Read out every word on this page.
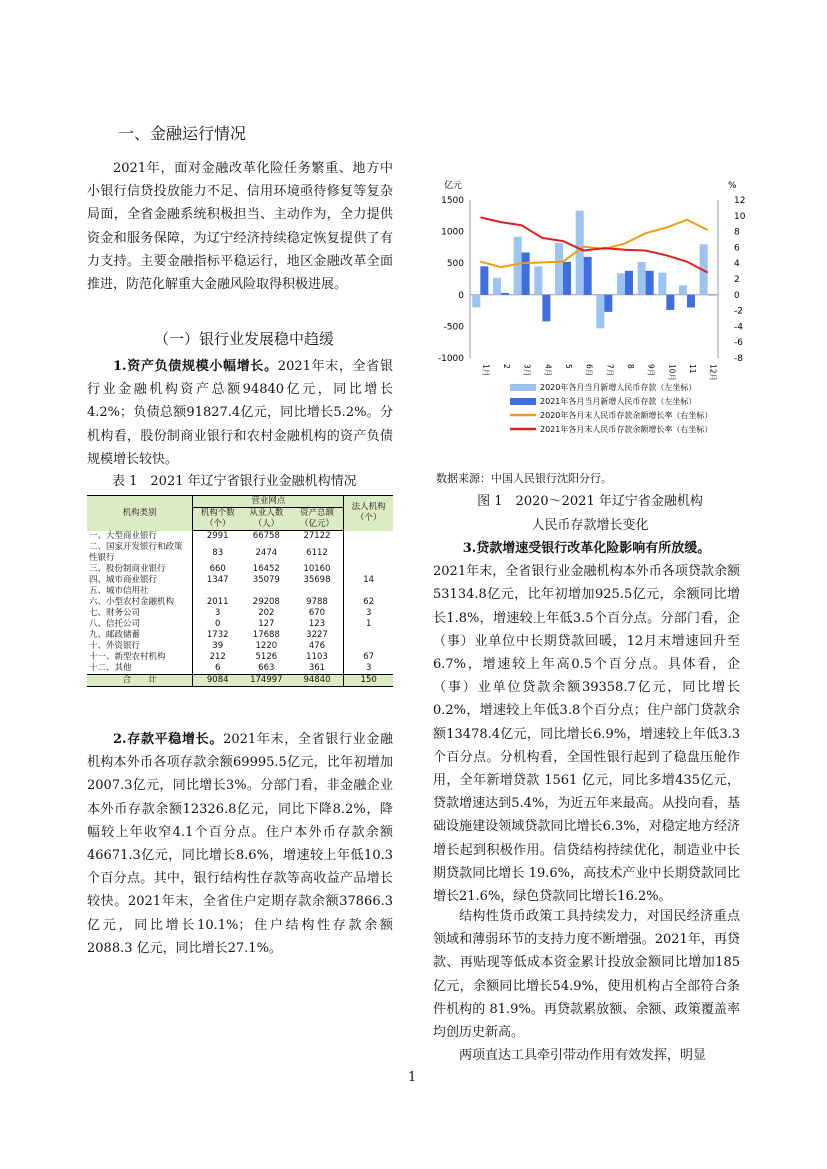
一、金融运行情况

2021年，面对金融改革化险任务繁重、地方中小银行信贷投放能力不足、信用环境亟待修复等复杂局面，全省金融系统积极担当、主动作为，全力提供资金和服务保障，为辽宁经济持续稳定恢复提供了有力支持。主要金融指标平稳运行，地区金融改革全面推进，防范化解重大金融风险取得积极进展。

（一）银行业发展稳中趋缓

1.资产负债规模小幅增长。2021年末，全省银行业金融机构资产总额94840亿元，同比增长4.2%；负债总额91827.4亿元，同比增长5.2%。分机构看，股份制商业银行和农村金融机构的资产负债规模增长较快。

表 1　2021 年辽宁省银行业金融机构情况
机构类别	营业网点			法人机构（个）
	机构个数（个）	从业人数（人）	资产总额（亿元）	
一、大型商业银行	2991	66758	27122	
二、国家开发银行和政策性银行	83	2474	6112	
三、股份制商业银行	660	16452	10160	
四、城市商业银行	1347	35079	35698	14
五、城市信用社				
六、小型农村金融机构	2011	29208	9788	62
七、财务公司	3	202	670	3
八、信托公司	0	127	123	1
九、邮政储蓄	1732	17688	3227	
十、外资银行	39	1220	476	
十一、新型农村机构	212	5126	1103	67
十二、其他	6	663	361	3
合　　计	9084	174997	94840	150

2.存款平稳增长。2021年末，全省银行业金融机构本外币各项存款余额69995.5亿元，比年初增加2007.3亿元，同比增长3%。分部门看，非金融企业本外币存款余额12326.8亿元，同比下降8.2%，降幅较上年收窄4.1个百分点。住户本外币存款余额46671.3亿元，同比增长8.6%，增速较上年低10.3个百分点。其中，银行结构性存款等高收益产品增长较快。2021年末，全省住户定期存款余额37866.3亿元，同比增长10.1%；住户结构性存款余额 2088.3 亿元，同比增长27.1%。

亿元	%
1500
1000
500
0
-500
-1000
12
10
8
6
4
2
0
-2
-4
-6
-8
1月 2 3月 4月 5 6月 7月 8 9月 10月 11 12月
2020年各月当月新增人民币存款（左坐标）
2021年各月当月新增人民币存款（左坐标）
2020年各月末人民币存款余额增长率（右坐标）
2021年各月末人民币存款余额增长率（右坐标）
数据来源：中国人民银行沈阳分行。
图 1　2020～2021 年辽宁省金融机构
人民币存款增长变化

3.贷款增速受银行改革化险影响有所放缓。

2021年末，全省银行业金融机构本外币各项贷款余额53134.8亿元，比年初增加925.5亿元，余额同比增长1.8%，增速较上年低3.5个百分点。分部门看，企（事）业单位中长期贷款回暖，12月末增速回升至6.7%，增速较上年高0.5个百分点。具体看，企（事）业单位贷款余额39358.7亿元，同比增长0.2%，增速较上年低3.8个百分点；住户部门贷款余额13478.4亿元，同比增长6.9%，增速较上年低3.3个百分点。分机构看，全国性银行起到了稳盘压舱作用，全年新增贷款 1561 亿元，同比多增435亿元，贷款增速达到5.4%，为近五年来最高。从投向看，基础设施建设领域贷款同比增长6.3%，对稳定地方经济增长起到积极作用。信贷结构持续优化，制造业中长期贷款同比增长 19.6%，高技术产业中长期贷款同比增长21.6%，绿色贷款同比增长16.2%。

结构性货币政策工具持续发力，对国民经济重点领域和薄弱环节的支持力度不断增强。2021年，再贷款、再贴现等低成本资金累计投放金额同比增加185亿元，余额同比增长54.9%，使用机构占全部符合条件机构的 81.9%。再贷款累放额、余额、政策覆盖率均创历史新高。

两项直达工具牵引带动作用有效发挥，明显

1
